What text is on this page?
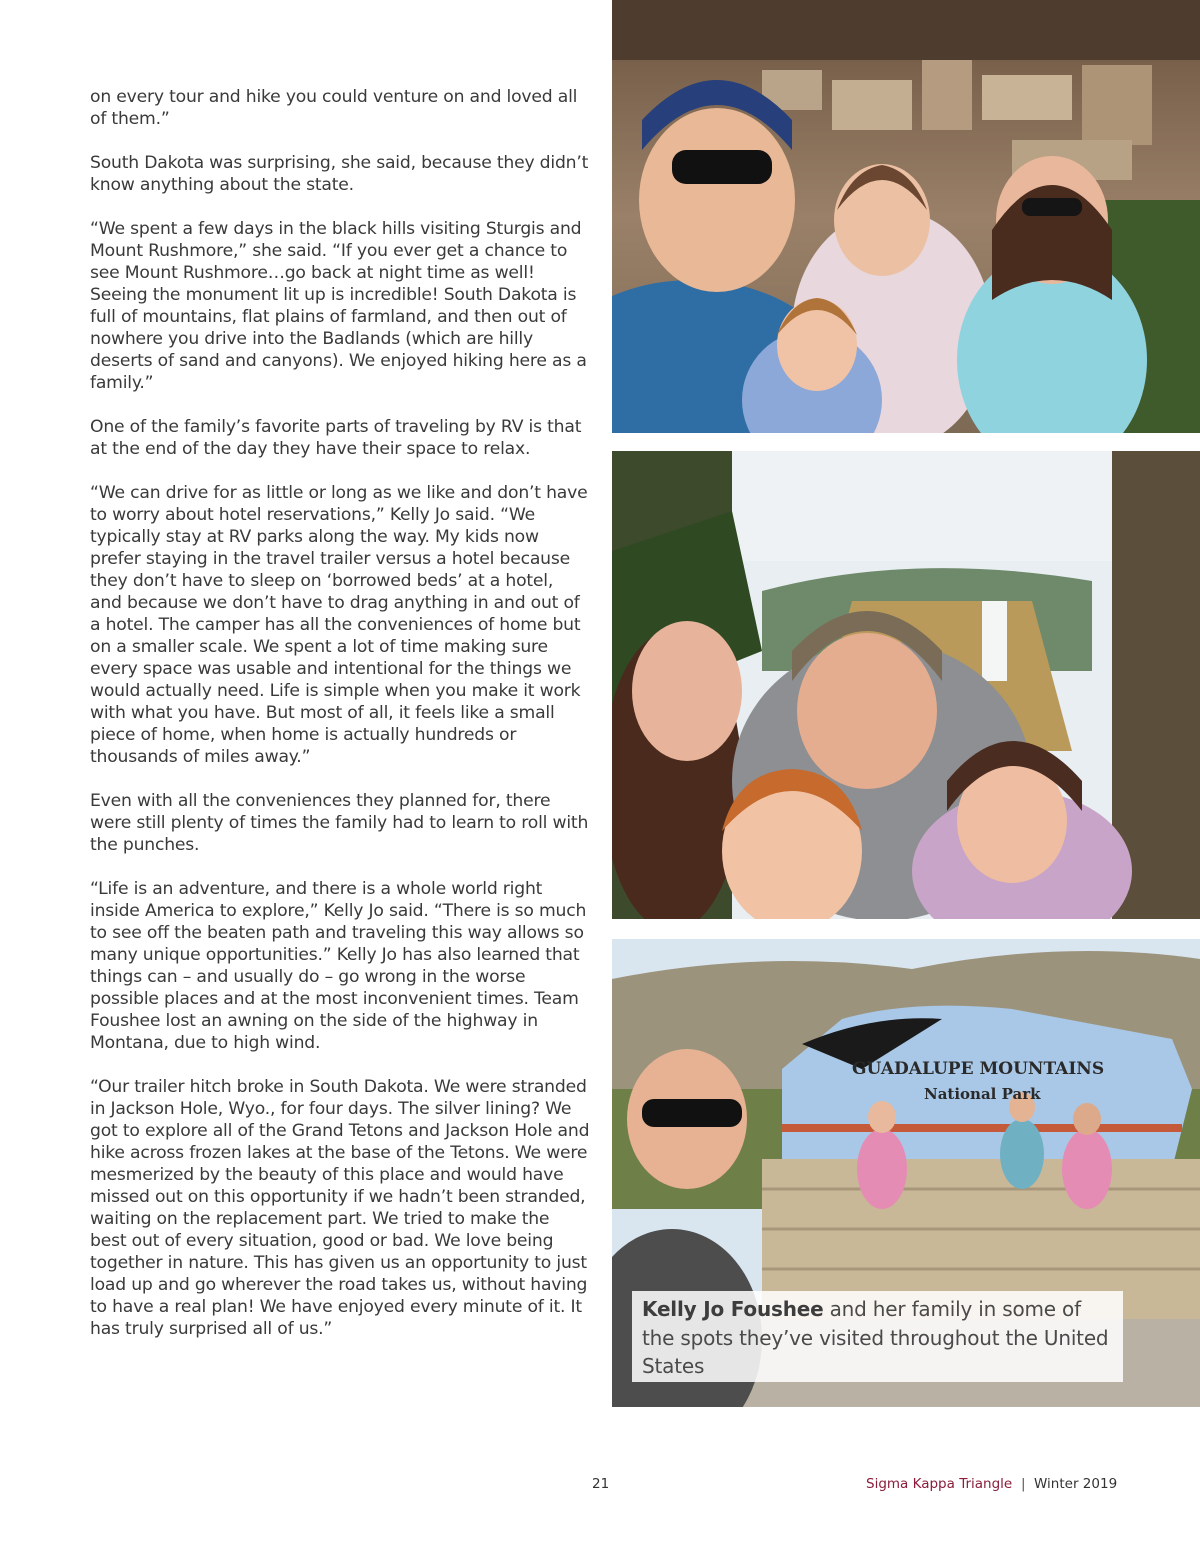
on every tour and hike you could venture on and loved all of them.”

South Dakota was surprising, she said, because they didn’t know anything about the state.

“We spent a few days in the black hills visiting Sturgis and Mount Rushmore,” she said. “If you ever get a chance to see Mount Rushmore…go back at night time as well! Seeing the monument lit up is incredible! South Dakota is full of mountains, flat plains of farmland, and then out of nowhere you drive into the Badlands (which are hilly deserts of sand and canyons). We enjoyed hiking here as a family.”

One of the family’s favorite parts of traveling by RV is that at the end of the day they have their space to relax.

“We can drive for as little or long as we like and don’t have to worry about hotel reservations,” Kelly Jo said. “We typically stay at RV parks along the way. My kids now prefer staying in the travel trailer versus a hotel because they don’t have to sleep on ‘borrowed beds’ at a hotel, and because we don’t have to drag anything in and out of a hotel. The camper has all the conveniences of home but on a smaller scale. We spent a lot of time making sure every space was usable and intentional for the things we would actually need. Life is simple when you make it work with what you have. But most of all, it feels like a small piece of home, when home is actually hundreds or thousands of miles away.”

Even with all the conveniences they planned for, there were still plenty of times the family had to learn to roll with the punches.

“Life is an adventure, and there is a whole world right inside America to explore,” Kelly Jo said. “There is so much to see off the beaten path and traveling this way allows so many unique opportunities.” Kelly Jo has also learned that things can – and usually do – go wrong in the worse possible places and at the most inconvenient times. Team Foushee lost an awning on the side of the highway in Montana, due to high wind.

“Our trailer hitch broke in South Dakota. We were stranded in Jackson Hole, Wyo., for four days. The silver lining? We got to explore all of the Grand Tetons and Jackson Hole and hike across frozen lakes at the base of the Tetons. We were mesmerized by the beauty of this place and would have missed out on this opportunity if we hadn’t been stranded, waiting on the replacement part. We tried to make the best out of every situation, good or bad. We love being together in nature. This has given us an opportunity to just load up and go wherever the road takes us, without having to have a real plan! We have enjoyed every minute of it. It has truly surprised all of us.”

GUADALUPE MOUNTAINS
National Park
Kelly Jo Foushee and her family in some of the spots they’ve visited throughout the United States
21	Sigma Kappa Triangle | Winter 2019
